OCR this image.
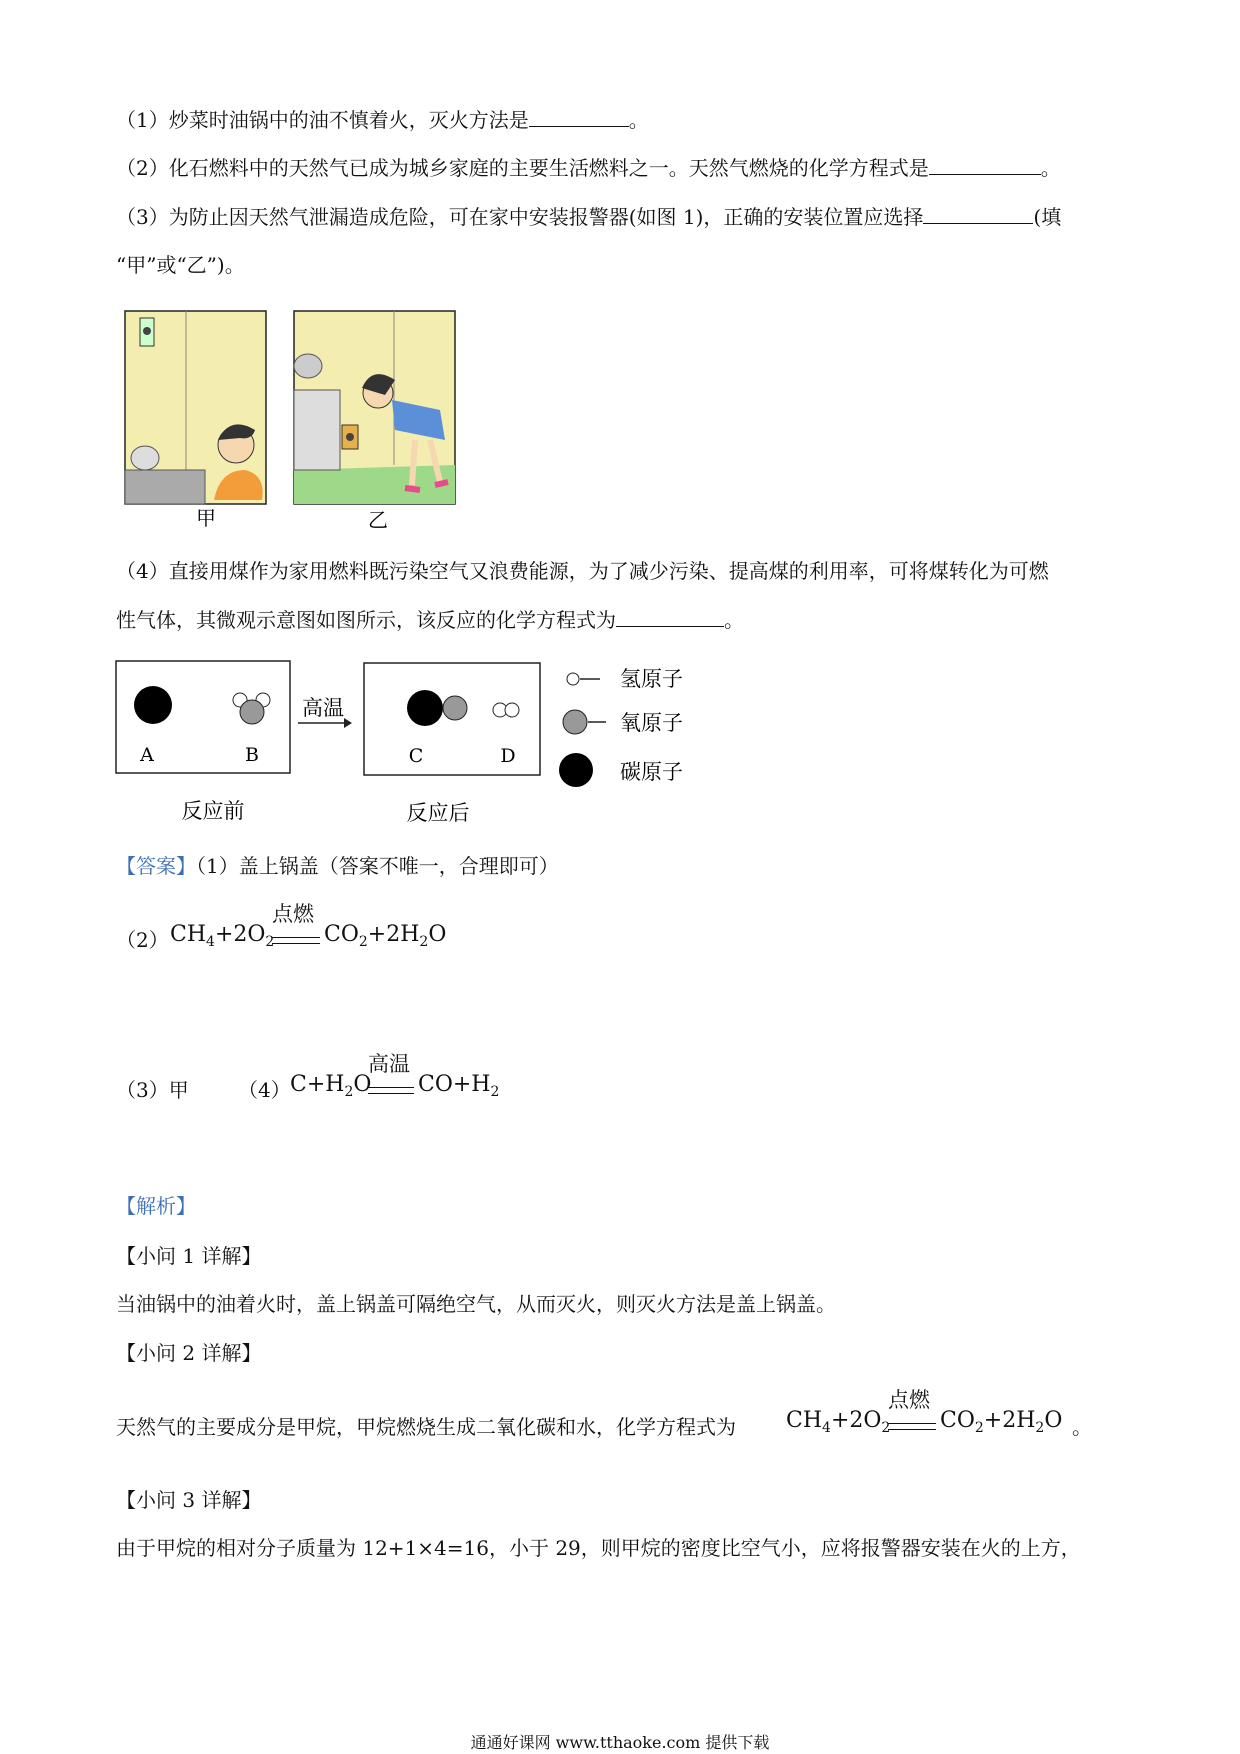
（1）炒菜时油锅中的油不慎着火，灭火方法是	。
（2）化石燃料中的天然气已成为城乡家庭的主要生活燃料之一。天然气燃烧的化学方程式是	。
（3）为防止因天然气泄漏造成危险，可在家中安装报警器(如图 1)，正确的安装位置应选择	(填
“甲”或“乙”)。
甲	乙
（4）直接用煤作为家用燃料既污染空气又浪费能源，为了减少污染、提高煤的利用率，可将煤转化为可燃
性气体，其微观示意图如图所示，该反应的化学方程式为	。
高温
A	B	C	D
反应前	反应后
氢原子
氧原子
碳原子
【答案】（1）盖上锅盖（答案不唯一，合理即可）
（2） $CH_4+2O_2$
点燃
$CO_2+2H_2O$
（3）甲 （4） $C+H_2O$
高温
$CO+H_2$
【解析】
【小问 1 详解】
当油锅中的油着火时，盖上锅盖可隔绝空气，从而灭火，则灭火方法是盖上锅盖。
【小问 2 详解】
天然气的主要成分是甲烷，甲烷燃烧生成二氧化碳和水，化学方程式为 $CH_4+2O_2$
点燃
$CO_2+2H_2O$ 。
【小问 3 详解】
由于甲烷的相对分子质量为 12+1×4=16，小于 29，则甲烷的密度比空气小，应将报警器安装在火的上方，
通通好课网 www.tthaoke.com 提供下载
